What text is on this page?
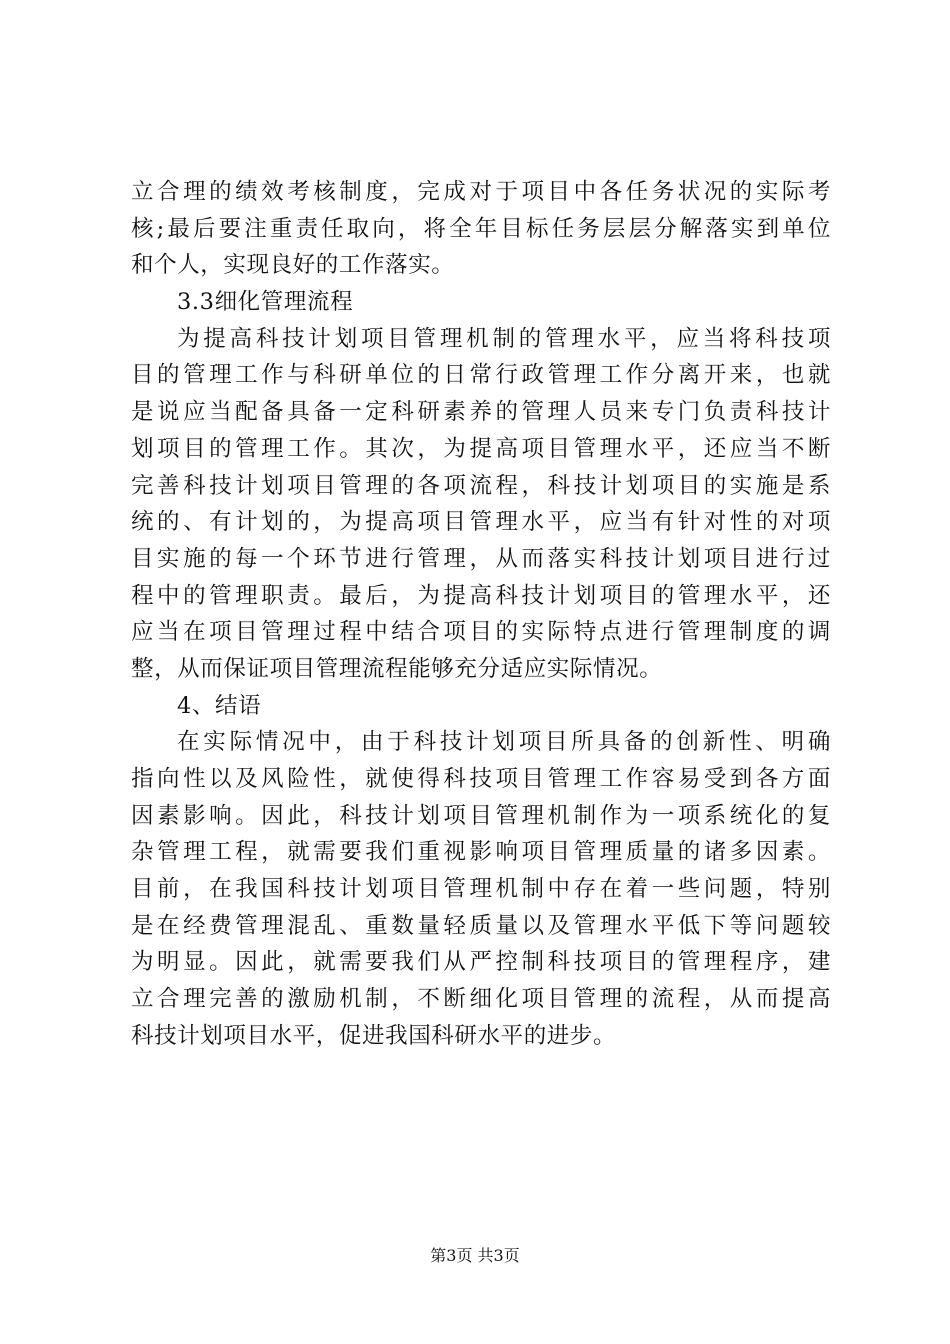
立合理的绩效考核制度，完成对于项目中各任务状况的实际考
核;最后要注重责任取向，将全年目标任务层层分解落实到单位
和个人，实现良好的工作落实。
3.3细化管理流程
为提高科技计划项目管理机制的管理水平，应当将科技项
目的管理工作与科研单位的日常行政管理工作分离开来，也就
是说应当配备具备一定科研素养的管理人员来专门负责科技计
划项目的管理工作。其次，为提高项目管理水平，还应当不断
完善科技计划项目管理的各项流程，科技计划项目的实施是系
统的、有计划的，为提高项目管理水平，应当有针对性的对项
目实施的每一个环节进行管理，从而落实科技计划项目进行过
程中的管理职责。最后，为提高科技计划项目的管理水平，还
应当在项目管理过程中结合项目的实际特点进行管理制度的调
整，从而保证项目管理流程能够充分适应实际情况。
4、结语
在实际情况中，由于科技计划项目所具备的创新性、明确
指向性以及风险性，就使得科技项目管理工作容易受到各方面
因素影响。因此，科技计划项目管理机制作为一项系统化的复
杂管理工程，就需要我们重视影响项目管理质量的诸多因素。
目前，在我国科技计划项目管理机制中存在着一些问题，特别
是在经费管理混乱、重数量轻质量以及管理水平低下等问题较
为明显。因此，就需要我们从严控制科技项目的管理程序，建
立合理完善的激励机制，不断细化项目管理的流程，从而提高
科技计划项目水平，促进我国科研水平的进步。
第3页 共3页
